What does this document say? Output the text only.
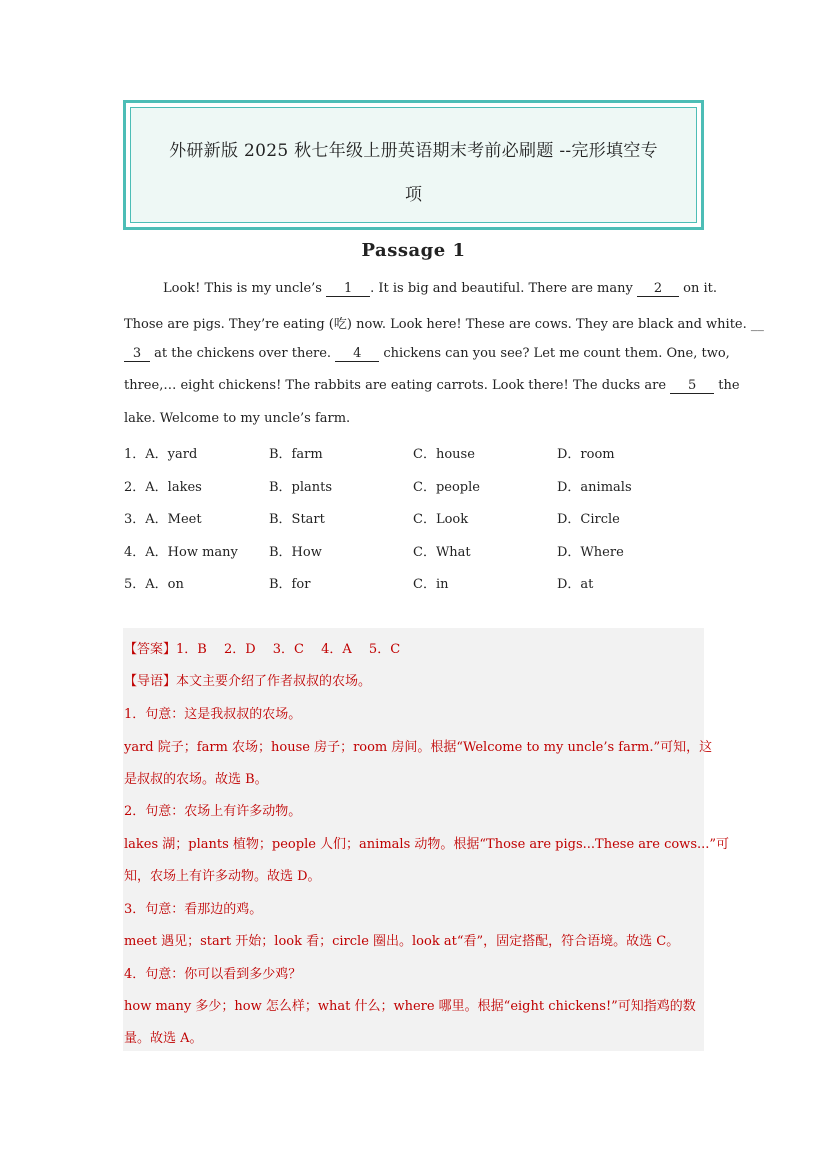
外研新版 2025 秋七年级上册英语期末考前必刷题 --完形填空专
项
Passage 1
Look! This is my uncle’s 1 . It is big and beautiful. There are many 2 on it.
Those are pigs. They’re eating (吃) now. Look here! These are cows. They are black and white. __
3 at the chickens over there. 4 chickens can you see? Let me count them. One, two,
three,… eight chickens! The rabbits are eating carrots. Look there! The ducks are 5 the
lake. Welcome to my uncle’s farm.
1．A．yard	B．farm	C．house	D．room
2．A．lakes	B．plants	C．people	D．animals
3．A．Meet	B．Start	C．Look	D．Circle
4．A．How many B．How	C．What	D．Where
5．A．on	B．for	C．in	D．at
【答案】1．B　 2．D　 3．C　 4．A　 5．C
【导语】本文主要介绍了作者叔叔的农场。
1．句意：这是我叔叔的农场。
yard 院子；farm 农场；house 房子；room 房间。根据“Welcome to my uncle’s farm.”可知，这
是叔叔的农场。故选 B。
2．句意：农场上有许多动物。
lakes 湖；plants 植物；people 人们；animals 动物。根据“Those are pigs...These are cows...”可
知，农场上有许多动物。故选 D。
3．句意：看那边的鸡。
meet 遇见；start 开始；look 看；circle 圈出。look at“看”，固定搭配，符合语境。故选 C。
4．句意：你可以看到多少鸡？
how many 多少；how 怎么样；what 什么；where 哪里。根据“eight chickens!”可知指鸡的数
量。故选 A。
